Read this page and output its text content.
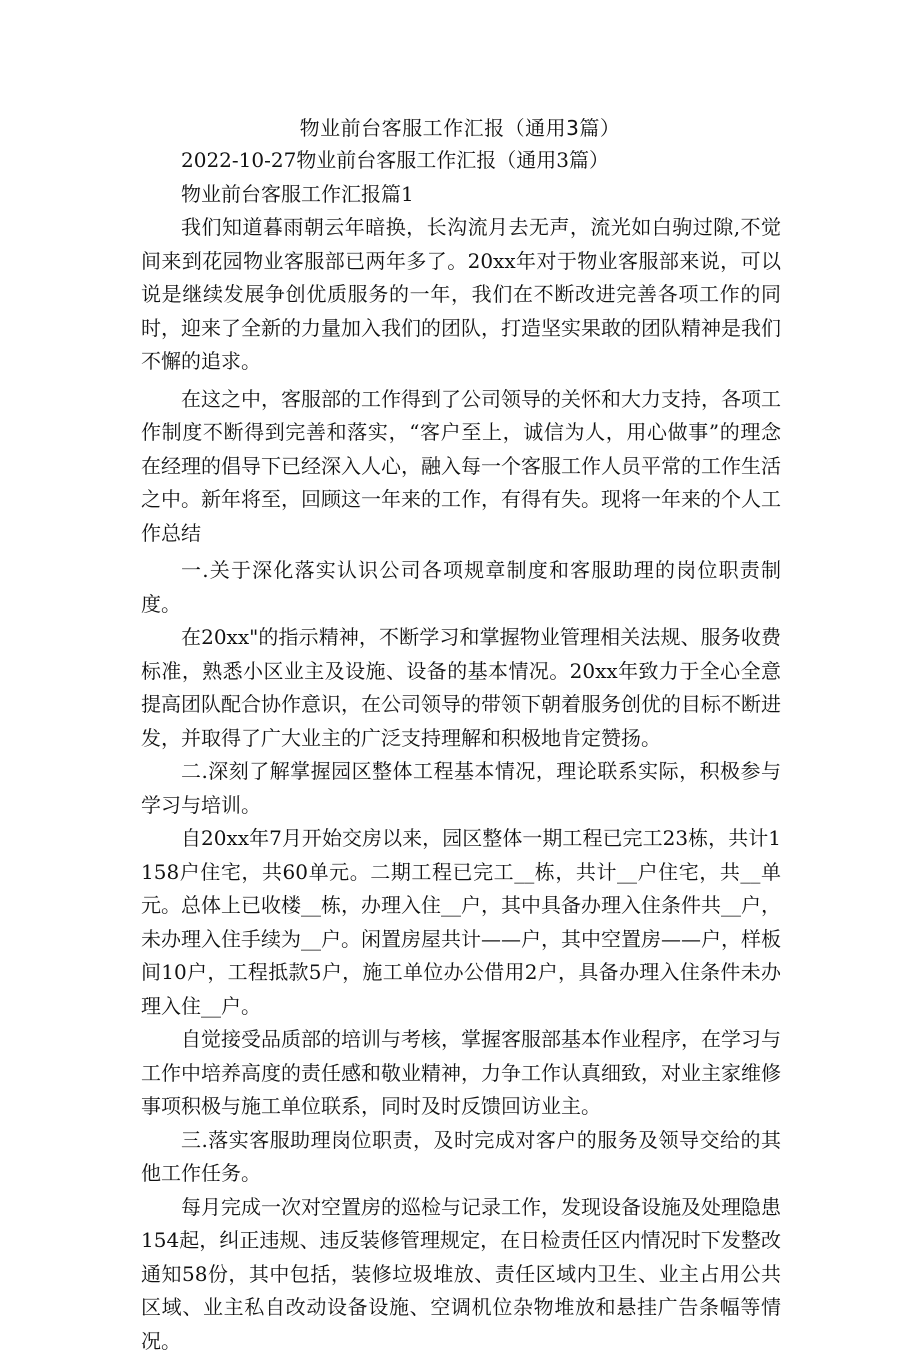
物业前台客服工作汇报（通用3篇）

2022-10-27物业前台客服工作汇报（通用3篇）

物业前台客服工作汇报篇1

我们知道暮雨朝云年暗换，长沟流月去无声，流光如白驹过隙,不觉间来到花园物业客服部已两年多了。20xx年对于物业客服部来说，可以说是继续发展争创优质服务的一年，我们在不断改进完善各项工作的同时，迎来了全新的力量加入我们的团队，打造坚实果敢的团队精神是我们不懈的追求。

在这之中，客服部的工作得到了公司领导的关怀和大力支持，各项工作制度不断得到完善和落实，“客户至上，诚信为人，用心做事”的理念在经理的倡导下已经深入人心，融入每一个客服工作人员平常的工作生活之中。新年将至，回顾这一年来的工作，有得有失。现将一年来的个人工作总结

一.关于深化落实认识公司各项规章制度和客服助理的岗位职责制度。

在20xx"的指示精神，不断学习和掌握物业管理相关法规、服务收费标准，熟悉小区业主及设施、设备的基本情况。20xx年致力于全心全意提高团队配合协作意识，在公司领导的带领下朝着服务创优的目标不断进发，并取得了广大业主的广泛支持理解和积极地肯定赞扬。

二.深刻了解掌握园区整体工程基本情况，理论联系实际，积极参与学习与培训。

自20xx年7月开始交房以来，园区整体一期工程已完工23栋，共计1158户住宅，共60单元。二期工程已完工__栋，共计__户住宅，共__单元。总体上已收楼__栋，办理入住__户，其中具备办理入住条件共__户，未办理入住手续为__户。闲置房屋共计——户，其中空置房——户，样板间10户，工程抵款5户，施工单位办公借用2户，具备办理入住条件未办理入住__户。

自觉接受品质部的培训与考核，掌握客服部基本作业程序，在学习与工作中培养高度的责任感和敬业精神，力争工作认真细致，对业主家维修事项积极与施工单位联系，同时及时反馈回访业主。

三.落实客服助理岗位职责，及时完成对客户的服务及领导交给的其他工作任务。

每月完成一次对空置房的巡检与记录工作，发现设备设施及处理隐患154起，纠正违规、违反装修管理规定，在日检责任区内情况时下发整改通知58份，其中包括，装修垃圾堆放、责任区域内卫生、业主占用公共区域、业主私自改动设备设施、空调机位杂物堆放和悬挂广告条幅等情况。
